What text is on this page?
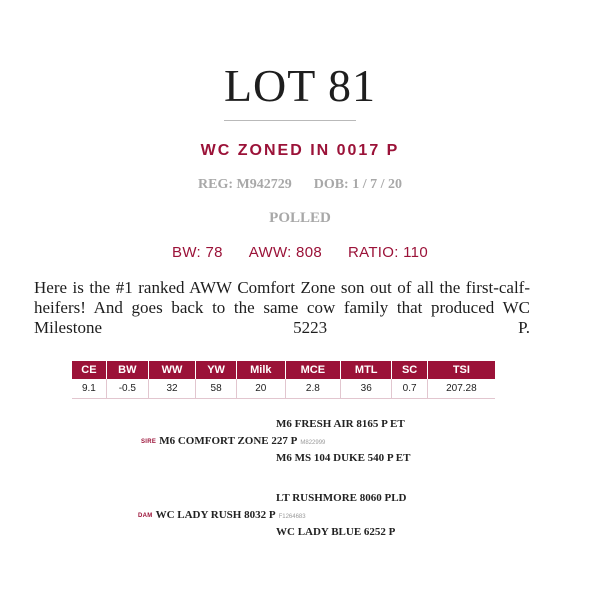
LOT 81
WC ZONED IN 0017 P
REG: M942729 DOB: 1 / 7 / 20
POLLED
BW: 78 AWW: 808 RATIO: 110
Here is the #1 ranked AWW Comfort Zone son out of all the first-calf-heifers! And goes back to the same cow family that produced WC Milestone 5223 P.
CE	BW	WW	YW	Milk	MCE	MTL	SC	TSI
9.1	-0.5	32	58	20	2.8	36	0.7	207.28
M6 FRESH AIR 8165 P ET
SIRE M6 COMFORT ZONE 227 P M822999
M6 MS 104 DUKE 540 P ET
LT RUSHMORE 8060 PLD
DAM WC LADY RUSH 8032 P F1264683
WC LADY BLUE 6252 P
